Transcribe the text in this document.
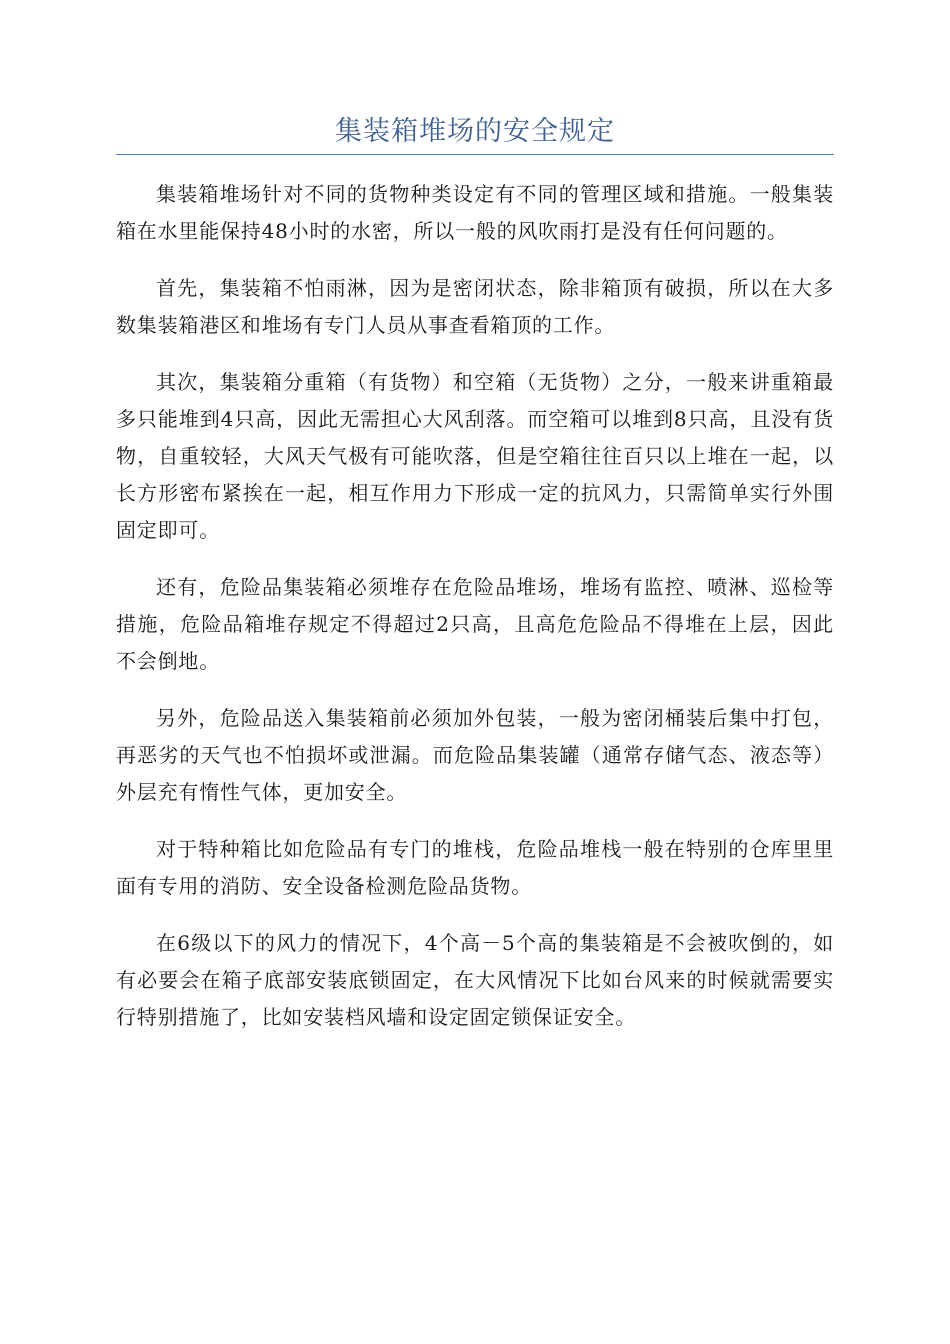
集装箱堆场的安全规定

集装箱堆场针对不同的货物种类设定有不同的管理区域和措施。一般集装箱在水里能保持48小时的水密，所以一般的风吹雨打是没有任何问题的。

首先，集装箱不怕雨淋，因为是密闭状态，除非箱顶有破损，所以在大多数集装箱港区和堆场有专门人员从事查看箱顶的工作。

其次，集装箱分重箱（有货物）和空箱（无货物）之分，一般来讲重箱最多只能堆到4只高，因此无需担心大风刮落。而空箱可以堆到8只高，且没有货物，自重较轻，大风天气极有可能吹落，但是空箱往往百只以上堆在一起，以长方形密布紧挨在一起，相互作用力下形成一定的抗风力，只需简单实行外围固定即可。

还有，危险品集装箱必须堆存在危险品堆场，堆场有监控、喷淋、巡检等措施，危险品箱堆存规定不得超过2只高，且高危危险品不得堆在上层，因此不会倒地。

另外，危险品送入集装箱前必须加外包装，一般为密闭桶装后集中打包，再恶劣的天气也不怕损坏或泄漏。而危险品集装罐（通常存储气态、液态等）外层充有惰性气体，更加安全。

对于特种箱比如危险品有专门的堆栈，危险品堆栈一般在特别的仓库里里面有专用的消防、安全设备检测危险品货物。

在6级以下的风力的情况下，4个高－5个高的集装箱是不会被吹倒的，如有必要会在箱子底部安装底锁固定，在大风情况下比如台风来的时候就需要实行特别措施了，比如安装档风墙和设定固定锁保证安全。
